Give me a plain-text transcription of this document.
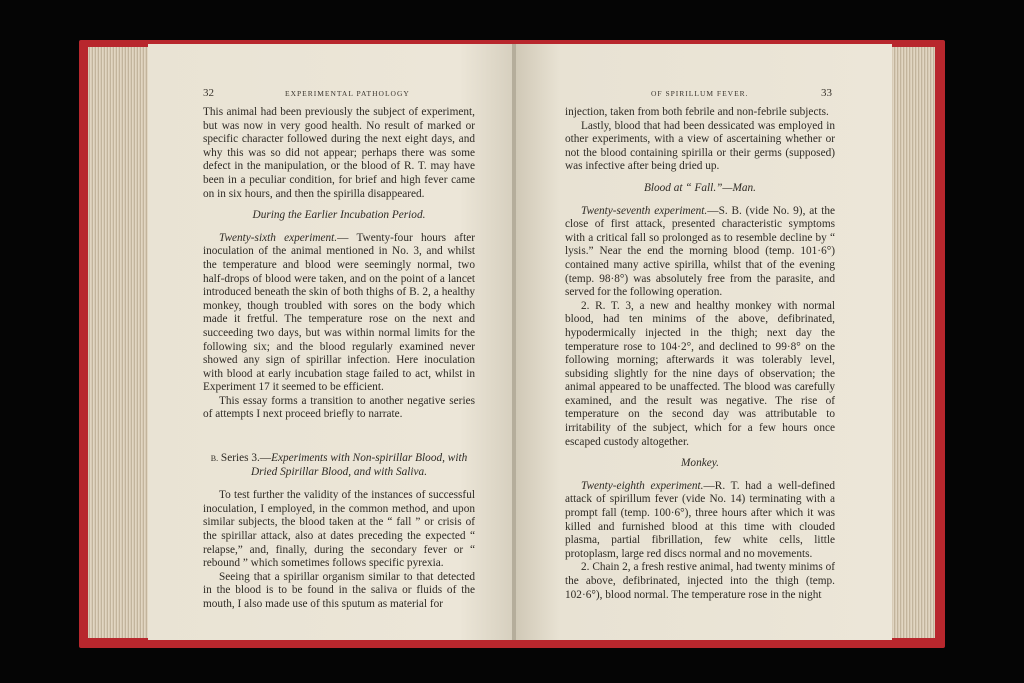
32	EXPERIMENTAL PATHOLOGY

This animal had been previously the subject of experiment, but was now in very good health. No result of marked or specific character followed during the next eight days, and why this was so did not appear; perhaps there was some defect in the manipulation, or the blood of R. T. may have been in a peculiar condition, for brief and high fever came on in six hours, and then the spirilla disappeared.

During the Earlier Incubation Period.

Twenty-sixth experiment.— Twenty-four hours after inoculation of the animal mentioned in No. 3, and whilst the temperature and blood were seemingly normal, two half-drops of blood were taken, and on the point of a lancet introduced beneath the skin of both thighs of B. 2, a healthy monkey, though troubled with sores on the body which made it fretful. The temperature rose on the next and succeeding two days, but was within normal limits for the following six; and the blood regularly examined never showed any sign of spirillar infection. Here inoculation with blood at early incubation stage failed to act, whilst in Experiment 17 it seemed to be efficient.

This essay forms a transition to another negative series of attempts I next proceed briefly to narrate.

B. Series 3.—Experiments with Non-spirillar Blood, with Dried Spirillar Blood, and with Saliva.

To test further the validity of the instances of successful inoculation, I employed, in the common method, and upon similar subjects, the blood taken at the “ fall ” or crisis of the spirillar attack, also at dates preceding the expected “ relapse,” and, finally, during the secondary fever or “ rebound ” which sometimes follows specific pyrexia.

Seeing that a spirillar organism similar to that detected in the blood is to be found in the saliva or fluids of the mouth, I also made use of this sputum as material for

OF SPIRILLUM FEVER.	33

injection, taken from both febrile and non-febrile subjects.

Lastly, blood that had been dessicated was employed in other experiments, with a view of ascertaining whether or not the blood containing spirilla or their germs (supposed) was infective after being dried up.

Blood at “ Fall.”—Man.

Twenty-seventh experiment.—S. B. (vide No. 9), at the close of first attack, presented characteristic symptoms with a critical fall so prolonged as to resemble decline by “ lysis.” Near the end the morning blood (temp. 101·6°) contained many active spirilla, whilst that of the evening (temp. 98·8°) was absolutely free from the parasite, and served for the following operation.

2. R. T. 3, a new and healthy monkey with normal blood, had ten minims of the above, defibrinated, hypodermically injected in the thigh; next day the temperature rose to 104·2°, and declined to 99·8° on the following morning; afterwards it was tolerably level, subsiding slightly for the nine days of observation; the animal appeared to be unaffected. The blood was carefully examined, and the result was negative. The rise of temperature on the second day was attributable to irritability of the subject, which for a few hours once escaped custody altogether.

Monkey.

Twenty-eighth experiment.—R. T. had a well-defined attack of spirillum fever (vide No. 14) terminating with a prompt fall (temp. 100·6°), three hours after which it was killed and furnished blood at this time with clouded plasma, partial fibrillation, few white cells, little protoplasm, large red discs normal and no movements.

2. Chain 2, a fresh restive animal, had twenty minims of the above, defibrinated, injected into the thigh (temp. 102·6°), blood normal. The temperature rose in the night
